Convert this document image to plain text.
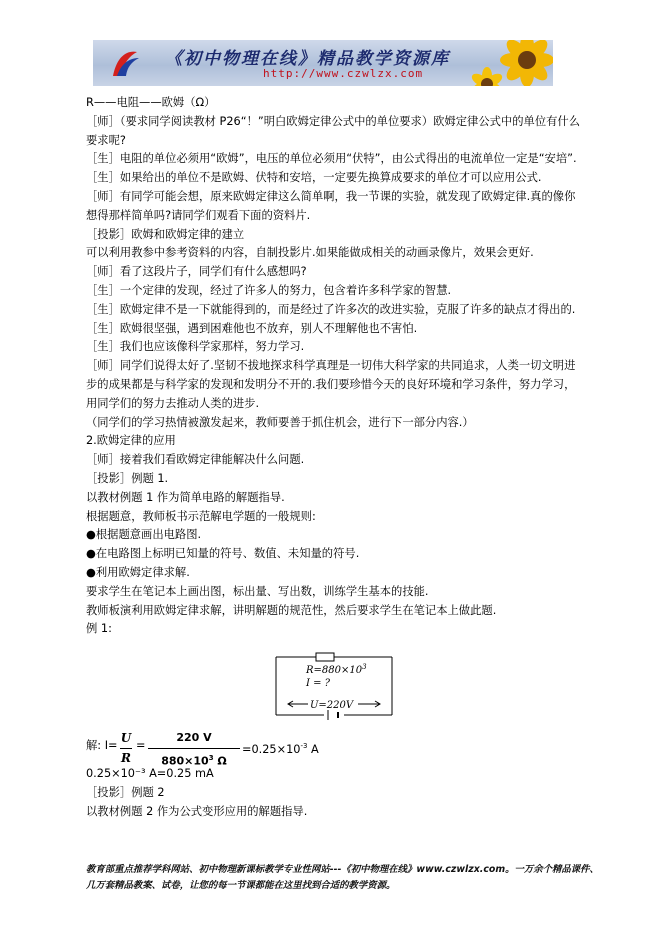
《初中物理在线》精品教学资源库
http://www.czwlzx.com

R——电阻——欧姆（Ω）

［师］（要求同学阅读教材 P26“！”明白欧姆定律公式中的单位要求）欧姆定律公式中的单位有什么要求呢?

［生］电阻的单位必须用“欧姆”，电压的单位必须用“伏特”，由公式得出的电流单位一定是“安培”.

［生］如果给出的单位不是欧姆、伏特和安培，一定要先换算成要求的单位才可以应用公式.

［师］有同学可能会想，原来欧姆定律这么简单啊，我一节课的实验，就发现了欧姆定律.真的像你想得那样简单吗?请同学们观看下面的资料片.

［投影］欧姆和欧姆定律的建立

可以利用教参中参考资料的内容，自制投影片.如果能做成相关的动画录像片，效果会更好.

［师］看了这段片子，同学们有什么感想吗?

［生］一个定律的发现，经过了许多人的努力，包含着许多科学家的智慧.

［生］欧姆定律不是一下就能得到的，而是经过了许多次的改进实验，克服了许多的缺点才得出的.

［生］欧姆很坚强，遇到困难他也不放弃，别人不理解他也不害怕.

［生］我们也应该像科学家那样，努力学习.

［师］同学们说得太好了.坚韧不拔地探求科学真理是一切伟大科学家的共同追求，人类一切文明进步的成果都是与科学家的发现和发明分不开的.我们要珍惜今天的良好环境和学习条件，努力学习，用同学们的努力去推动人类的进步.

（同学们的学习热情被激发起来，教师要善于抓住机会，进行下一部分内容.）

2.欧姆定律的应用

［师］接着我们看欧姆定律能解决什么问题.

［投影］例题 1.

以教材例题 1 作为简单电路的解题指导.

根据题意，教师板书示范解电学题的一般规则:

●根据题意画出电路图.

●在电路图上标明已知量的符号、数值、未知量的符号.

●利用欧姆定律求解.

要求学生在笔记本上画出图，标出量、写出数，训练学生基本的技能.

教师板演利用欧姆定律求解，讲明解题的规范性，然后要求学生在笔记本上做此题.

例 1:

$R=880\times 10^3$
I = ?
U=220V
解: $I= \frac{U}{R} = \frac{220 V}{880\times 10^3 \Omega} =0.25\times 10^{-3}$ A

0.25×10⁻³ A=0.25 mA

［投影］例题 2

以教材例题 2 作为公式变形应用的解题指导.

教育部重点推荐学科网站、初中物理新课标教学专业性网站---《初中物理在线》www.czwlzx.com。一万余个精品课件、几万套精品教案、试卷，让您的每一节课都能在这里找到合适的教学资源。
